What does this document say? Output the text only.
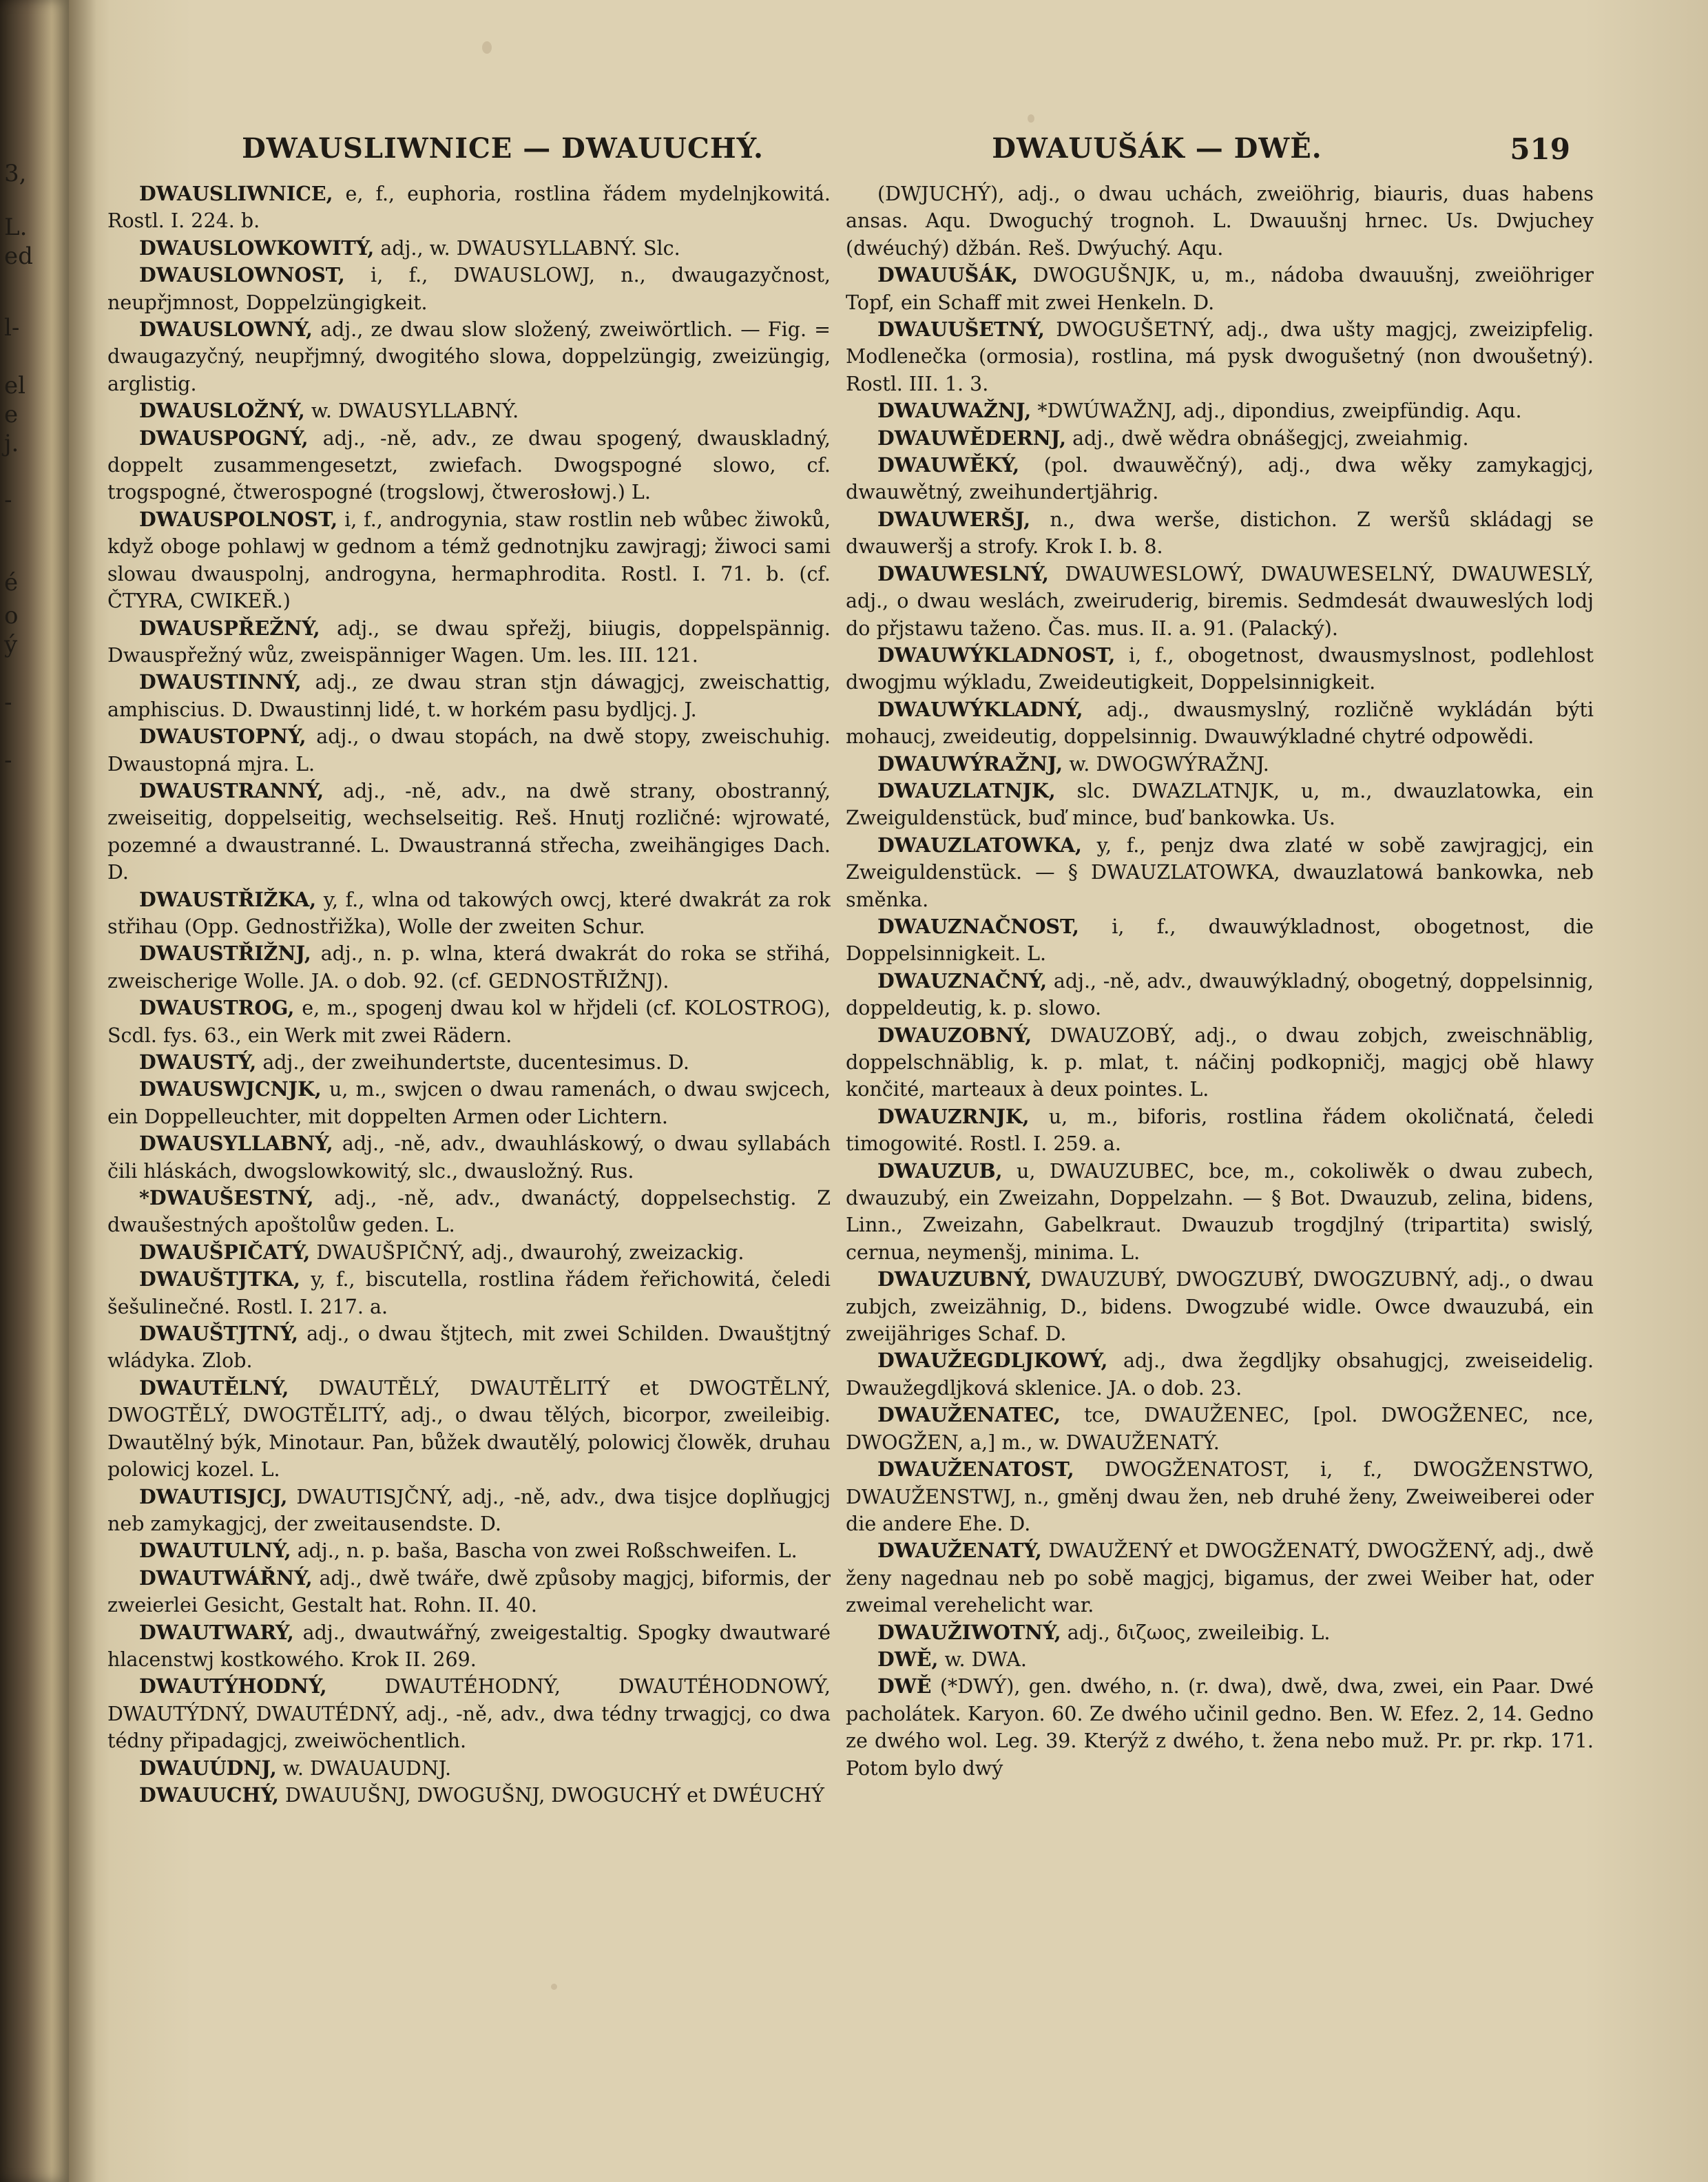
3,
L.
ed
l-
el
e
j.
-
é
o
ý
-
-
DWAUSLIWNICE — DWAUUCHÝ.	DWAUUŠÁK — DWĚ.	519

DWAUSLIWNICE, e, f., euphoria, rostlina řádem mydelnjkowitá. Rostl. I. 224. b.

DWAUSLOWKOWITÝ, adj., w. DWAUSYLLABNÝ. Slc.

DWAUSLOWNOST, i, f., DWAUSLOWJ, n., dwaugazyčnost, neupřjmnost, Doppelzüngigkeit.

DWAUSLOWNÝ, adj., ze dwau slow složený, zweiwörtlich. — Fig. = dwaugazyčný, neupřjmný, dwogitého slowa, doppelzüngig, zweizüngig, arglistig.

DWAUSLOŽNÝ, w. DWAUSYLLABNÝ.

DWAUSPOGNÝ, adj., -ně, adv., ze dwau spogený, dwauskladný, doppelt zusammengesetzt, zwiefach. Dwogspogné slowo, cf. trogspogné, čtwerospogné (trogslowj, čtwerosłowj.) L.

DWAUSPOLNOST, i, f., androgynia, staw rostlin neb wůbec žiwoků, když oboge pohlawj w gednom a témž gednotnjku zawjragj; žiwoci sami slowau dwauspolnj, androgyna, hermaphrodita. Rostl. I. 71. b. (cf. ČTYRA, CWIKEŘ.)

DWAUSPŘEŽNÝ, adj., se dwau spřežj, biiugis, doppelspännig. Dwauspřežný wůz, zweispänniger Wagen. Um. les. III. 121.

DWAUSTINNÝ, adj., ze dwau stran stjn dáwagjcj, zweischattig, amphiscius. D. Dwaustinnj lidé, t. w horkém pasu bydljcj. J.

DWAUSTOPNÝ, adj., o dwau stopách, na dwě stopy, zweischuhig. Dwaustopná mjra. L.

DWAUSTRANNÝ, adj., -ně, adv., na dwě strany, obostranný, zweiseitig, doppelseitig, wechselseitig. Reš. Hnutj rozličné: wjrowaté, pozemné a dwaustranné. L. Dwaustranná střecha, zweihängiges Dach. D.

DWAUSTŘIŽKA, y, f., wlna od takowých owcj, které dwakrát za rok střihau (Opp. Gednostřižka), Wolle der zweiten Schur.

DWAUSTŘIŽNJ, adj., n. p. wlna, která dwakrát do roka se střihá, zweischerige Wolle. JA. o dob. 92. (cf. GEDNOSTŘIŽNJ).

DWAUSTROG, e, m., spogenj dwau kol w hřjdeli (cf. KOLOSTROG), Scdl. fys. 63., ein Werk mit zwei Rädern.

DWAUSTÝ, adj., der zweihundertste, ducentesimus. D.

DWAUSWJCNJK, u, m., swjcen o dwau ramenách, o dwau swjcech, ein Doppelleuchter, mit doppelten Armen oder Lichtern.

DWAUSYLLABNÝ, adj., -ně, adv., dwauhláskowý, o dwau syllabách čili hláskách, dwogslowkowitý, slc., dwausložný. Rus.

*DWAUŠESTNÝ, adj., -ně, adv., dwanáctý, doppelsechstig. Z dwaušestných apoštolůw geden. L.

DWAUŠPIČATÝ, DWAUŠPIČNÝ, adj., dwaurohý, zweizackig.

DWAUŠTJTKA, y, f., biscutella, rostlina řádem řeřichowitá, čeledi šešulinečné. Rostl. I. 217. a.

DWAUŠTJTNÝ, adj., o dwau štjtech, mit zwei Schilden. Dwauštjtný wládyka. Zlob.

DWAUTĚLNÝ, DWAUTĚLÝ, DWAUTĚLITÝ et DWOGTĚLNÝ, DWOGTĚLÝ, DWOGTĚLITÝ, adj., o dwau tělých, bicorpor, zweileibig. Dwautělný býk, Minotaur. Pan, bůžek dwautělý, polowicj člowěk, druhau polowicj kozel. L.

DWAUTISJCJ, DWAUTISJČNÝ, adj., -ně, adv., dwa tisjce doplňugjcj neb zamykagjcj, der zweitausendste. D.

DWAUTULNÝ, adj., n. p. baša, Bascha von zwei Roßschweifen. L.

DWAUTWÁŘNÝ, adj., dwě twáře, dwě způsoby magjcj, biformis, der zweierlei Gesicht, Gestalt hat. Rohn. II. 40.

DWAUTWARÝ, adj., dwautwářný, zweigestaltig. Spogky dwautwaré hlacenstwj kostkowého. Krok II. 269.

DWAUTÝHODNÝ,	DWAUTÉHODNÝ, DWAUTÉHODNOWÝ, DWAUTÝDNÝ, DWAUTÉDNÝ, adj., -ně, adv., dwa tédny trwagjcj, co dwa tédny připadagjcj, zweiwöchentlich.

DWAUÚDNJ, w. DWAUAUDNJ.

DWAUUCHÝ, DWAUUŠNJ, DWOGUŠNJ, DWOGUCHÝ et DWÉUCHÝ

(DWJUCHÝ), adj., o dwau uchách, zweiöhrig, biauris, duas habens ansas. Aqu. Dwoguchý trognoh. L. Dwauušnj hrnec. Us. Dwjuchey (dwéuchý) džbán. Reš. Dwýuchý. Aqu.

DWAUUŠÁK, DWOGUŠNJK, u, m., nádoba dwauušnj, zweiöhriger Topf, ein Schaff mit zwei Henkeln. D.

DWAUUŠETNÝ, DWOGUŠETNÝ, adj., dwa ušty magjcj, zweizipfelig. Modlenečka (ormosia), rostlina, má pysk dwogušetný (non dwoušetný). Rostl. III. 1. 3.

DWAUWAŽNJ, *DWÚWAŽNJ, adj., dipondius, zweipfündig. Aqu.

DWAUWĚDERNJ, adj., dwě wědra obnášegjcj, zweiahmig.

DWAUWĚKÝ, (pol. dwauwěčný), adj., dwa wěky zamykagjcj, dwauwětný, zweihundertjährig.

DWAUWERŠJ, n., dwa werše, distichon. Z weršů skládagj se dwauweršj a strofy. Krok I. b. 8.

DWAUWESLNÝ, DWAUWESLOWÝ, DWAUWESELNÝ, DWAUWESLÝ, adj., o dwau weslách, zweiruderig, biremis. Sedmdesát dwauweslých lodj do přjstawu taženo. Čas. mus. II. a. 91. (Palacký).

DWAUWÝKLADNOST, i, f., obogetnost, dwausmyslnost, podlehlost dwogjmu wýkladu, Zweideutigkeit, Doppelsinnigkeit.

DWAUWÝKLADNÝ, adj., dwausmyslný, rozličně wykládán býti mohaucj, zweideutig, doppelsinnig. Dwauwýkladné chytré odpowědi.

DWAUWÝRAŽNJ, w. DWOGWÝRAŽNJ.

DWAUZLATNJK, slc. DWAZLATNJK, u, m., dwauzlatowka, ein Zweiguldenstück, buď mince, buď bankowka. Us.

DWAUZLATOWKA, y, f., penjz dwa zlaté w sobě zawjragjcj, ein Zweiguldenstück. — § DWAUZLATOWKA, dwauzlatowá bankowka, neb směnka.

DWAUZNAČNOST, i, f., dwauwýkladnost, obogetnost, die Doppelsinnigkeit. L.

DWAUZNAČNÝ, adj., -ně, adv., dwauwýkladný, obogetný, doppelsinnig, doppeldeutig, k. p. slowo.

DWAUZOBNÝ, DWAUZOBÝ, adj., o dwau zobjch, zweischnäblig, doppelschnäblig, k. p. mlat, t. náčinj podkopničj, magjcj obě hlawy končité, marteaux à deux pointes. L.

DWAUZRNJK, u, m., biforis, rostlina řádem okoličnatá, čeledi timogowité. Rostl. I. 259. a.

DWAUZUB, u, DWAUZUBEC, bce, m., cokoliwěk o dwau zubech, dwauzubý, ein Zweizahn, Doppelzahn. — § Bot. Dwauzub, zelina, bidens, Linn., Zweizahn, Gabelkraut. Dwauzub trogdjlný (tripartita) swislý, cernua, neymenšj, minima. L.

DWAUZUBNÝ, DWAUZUBÝ, DWOGZUBÝ, DWOGZUBNÝ, adj., o dwau zubjch, zweizähnig, D., bidens. Dwogzubé widle. Owce dwauzubá, ein zweijähriges Schaf. D.

DWAUŽEGDLJKOWÝ, adj., dwa žegdljky obsahugjcj, zweiseidelig. Dwaužegdljková sklenice. JA. o dob. 23.

DWAUŽENATEC, tce, DWAUŽENEC, [pol. DWOGŽENEC, nce, DWOGŽEN, a,] m., w. DWAUŽENATÝ.

DWAUŽENATOST, DWOGŽENATOST, i, f., DWOGŽENSTWO, DWAUŽENSTWJ, n., gměnj dwau žen, neb druhé ženy, Zweiweiberei oder die andere Ehe. D.

DWAUŽENATÝ, DWAUŽENÝ et DWOGŽENATÝ, DWOGŽENÝ, adj., dwě ženy nagednau neb po sobě magjcj, bigamus, der zwei Weiber hat, oder zweimal verehelicht war.

DWAUŽIWOTNÝ, adj., διζωος, zweileibig. L.

DWĚ, w. DWA.

DWĚ (*DWÝ), gen. dwého, n. (r. dwa), dwě, dwa, zwei, ein Paar. Dwé pacholátek. Karyon. 60. Ze dwého učinil gedno. Ben. W. Efez. 2, 14. Gedno ze dwého wol. Leg. 39. Kterýž z dwého, t. žena nebo muž. Pr. pr. rkp. 171. Potom bylo dwý
